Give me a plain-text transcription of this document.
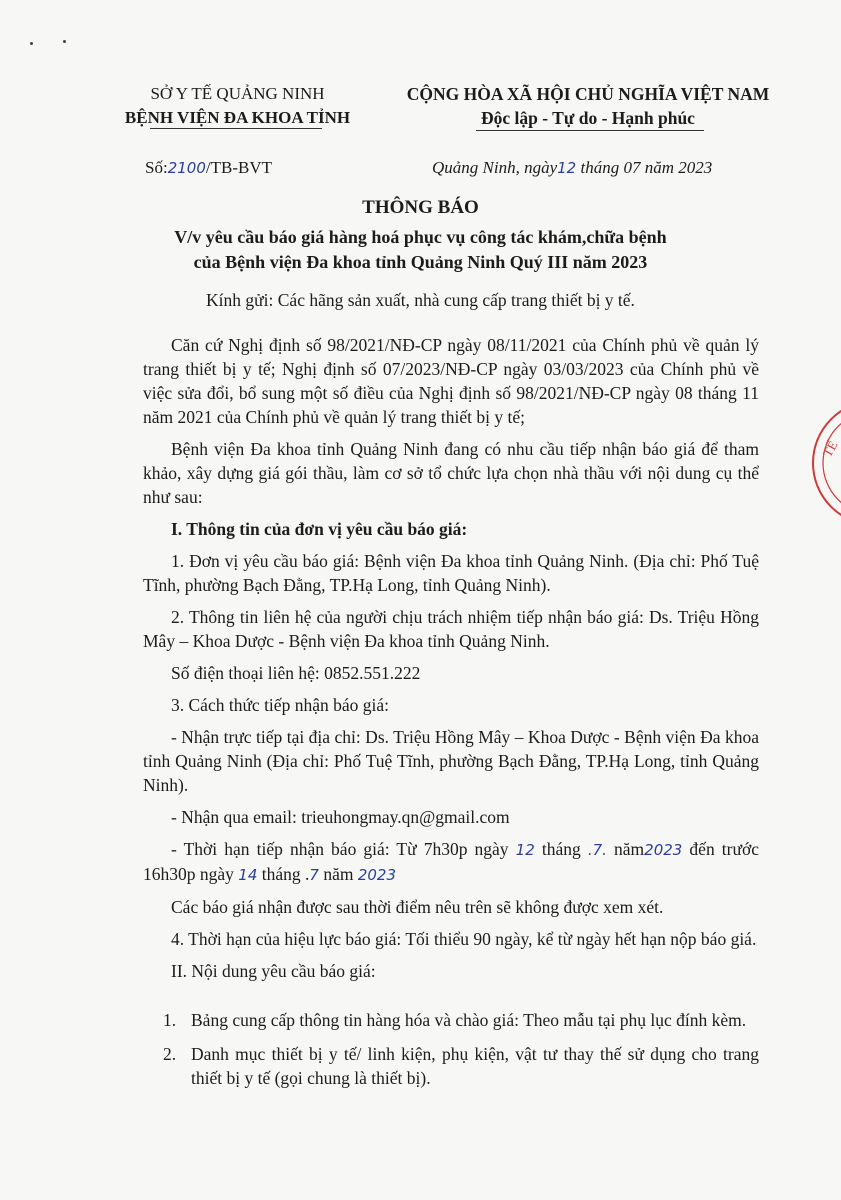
SỞ Y TẾ QUẢNG NINH
BỆNH VIỆN ĐA KHOA TỈNH
CỘNG HÒA XÃ HỘI CHỦ NGHĨA VIỆT NAM
Độc lập - Tự do - Hạnh phúc
Số:2100/TB-BVT	Quảng Ninh, ngày12 tháng 07 năm 2023
THÔNG BÁO
V/v yêu cầu báo giá hàng hoá phục vụ công tác khám,chữa bệnh
của Bệnh viện Đa khoa tỉnh Quảng Ninh Quý III năm 2023
Kính gửi: Các hãng sản xuất, nhà cung cấp trang thiết bị y tế.

Căn cứ Nghị định số 98/2021/NĐ-CP ngày 08/11/2021 của Chính phủ về quản lý trang thiết bị y tế; Nghị định số 07/2023/NĐ-CP ngày 03/03/2023 của Chính phủ về việc sửa đổi, bổ sung một số điều của Nghị định số 98/2021/NĐ-CP ngày 08 tháng 11 năm 2021 của Chính phủ về quản lý trang thiết bị y tế;

Bệnh viện Đa khoa tỉnh Quảng Ninh đang có nhu cầu tiếp nhận báo giá để tham khảo, xây dựng giá gói thầu, làm cơ sở tổ chức lựa chọn nhà thầu với nội dung cụ thể như sau:

I. Thông tin của đơn vị yêu cầu báo giá:

1. Đơn vị yêu cầu báo giá: Bệnh viện Đa khoa tỉnh Quảng Ninh. (Địa chỉ: Phố Tuệ Tĩnh, phường Bạch Đằng, TP.Hạ Long, tỉnh Quảng Ninh).

2. Thông tin liên hệ của người chịu trách nhiệm tiếp nhận báo giá: Ds. Triệu Hồng Mây – Khoa Dược - Bệnh viện Đa khoa tỉnh Quảng Ninh.

Số điện thoại liên hệ: 0852.551.222

3. Cách thức tiếp nhận báo giá:

- Nhận trực tiếp tại địa chỉ: Ds. Triệu Hồng Mây – Khoa Dược - Bệnh viện Đa khoa tỉnh Quảng Ninh (Địa chỉ: Phố Tuệ Tĩnh, phường Bạch Đằng, TP.Hạ Long, tỉnh Quảng Ninh).

- Nhận qua email: trieuhongmay.qn@gmail.com

- Thời hạn tiếp nhận báo giá: Từ 7h30p ngày 12 tháng .7. năm2023 đến trước 16h30p ngày 14 tháng .7 năm 2023

Các báo giá nhận được sau thời điểm nêu trên sẽ không được xem xét.

4. Thời hạn của hiệu lực báo giá: Tối thiểu 90 ngày, kể từ ngày hết hạn nộp báo giá.

II. Nội dung yêu cầu báo giá:

1. Bảng cung cấp thông tin hàng hóa và chào giá: Theo mẫu tại phụ lục đính kèm.
2. Danh mục thiết bị y tế/ linh kiện, phụ kiện, vật tư thay thế sử dụng cho trang thiết bị y tế (gọi chung là thiết bị).
TẾ
